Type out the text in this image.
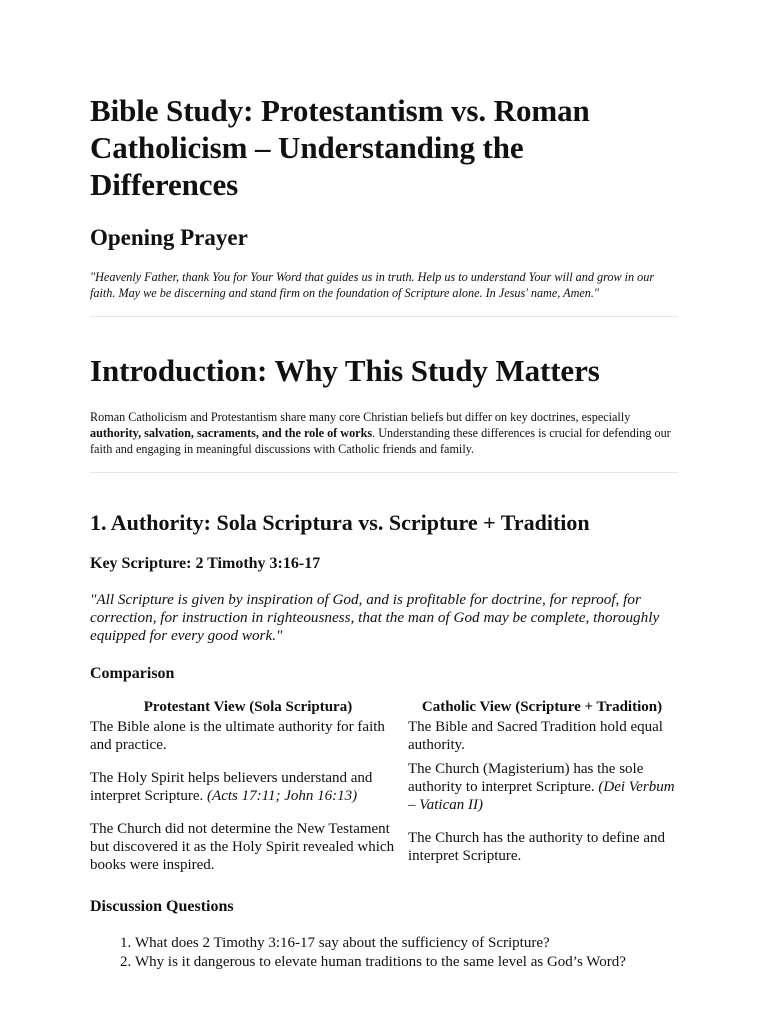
Bible Study: Protestantism vs. Roman Catholicism – Understanding the Differences
Opening Prayer

"Heavenly Father, thank You for Your Word that guides us in truth. Help us to understand Your will and grow in our faith. May we be discerning and stand firm on the foundation of Scripture alone. In Jesus' name, Amen."

Introduction: Why This Study Matters

Roman Catholicism and Protestantism share many core Christian beliefs but differ on key doctrines, especially authority, salvation, sacraments, and the role of works. Understanding these differences is crucial for defending our faith and engaging in meaningful discussions with Catholic friends and family.

1. Authority: Sola Scriptura vs. Scripture + Tradition
Key Scripture: 2 Timothy 3:16-17

"All Scripture is given by inspiration of God, and is profitable for doctrine, for reproof, for correction, for instruction in righteousness, that the man of God may be complete, thoroughly equipped for every good work."

Comparison
Protestant View (Sola Scriptura)	Catholic View (Scripture + Tradition)
The Bible alone is the ultimate authority for faith and practice.	The Bible and Sacred Tradition hold equal authority.
The Holy Spirit helps believers understand and interpret Scripture. (Acts 17:11; John 16:13)	The Church (Magisterium) has the sole authority to interpret Scripture. (Dei Verbum – Vatican II)
The Church did not determine the New Testament but discovered it as the Holy Spirit revealed which books were inspired.	The Church has the authority to define and interpret Scripture.
Discussion Questions
1. What does 2 Timothy 3:16-17 say about the sufficiency of Scripture?
2. Why is it dangerous to elevate human traditions to the same level as God’s Word?
